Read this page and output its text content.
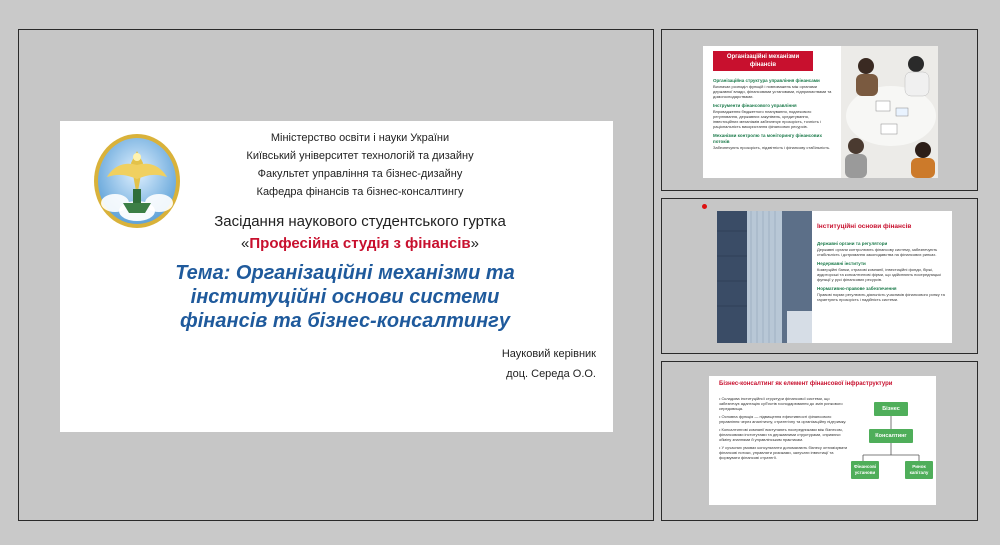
Міністерство освіти і науки України
Київський університет технологій та дизайну
Факультет управління та бізнес-дизайну
Кафедра фінансів та бізнес-консалтингу
Засідання наукового студентського гуртка
«Професійна студія з фінансів»
Тема: Організаційні механізми та
інституційні основи системи
фінансів та бізнес-консалтингу
Науковий керівник
доц. Середа О.О.
Організаційні механізми фінансів
Організаційна структура управління фінансами
Визначає розподіл функцій і повноважень між органами державної влади, фінансовими установами, підприємствами та домогосподарствами.
Інструменти фінансового управління
Впровадження бюджетного планування, податкового регулювання, державних закупівель, кредитування, інвестиційних механізмів забезпечує прозорість, точність і раціональність використання фінансових ресурсів.
Механізми контролю та моніторингу фінансових потоків
Забезпечують прозорість, підзвітність і фінансову стабільність.
Інституційні основи фінансів
Державні органи та регулятори
Державні органи контролюють фінансову систему, забезпечують стабільність і дотримання законодавства на фінансових ринках.
Недержавні інститути
Комерційні банки, страхові компанії, інвестиційні фонди, біржі, аудиторські та консалтингові фірми, що здійснюють посередницькі функції у русі фінансових ресурсів.
Нормативно-правове забезпечення
Правові норми регулюють діяльність учасників фінансового ринку та гарантують прозорість і надійність системи.
Бізнес-консалтинг як елемент фінансової інфраструктури
• Складова інституційної структури фінансової системи, що забезпечує адаптацію суб'єктів господарювання до змін ринкового середовища.
• Основна функція — підвищення ефективності фінансового управління через аналітичну, стратегічну та організаційну підтримку.
• Консалтингові компанії виступають посередниками між бізнесом, фінансовими інститутами та державними структурами, сприяючи обміну знаннями й управлінським практикам.
• У сучасних умовах консультанти допомагають бізнесу оптимізувати фінансові потоки, управляти ризиками, залучати інвестиції та формувати фінансові стратегії.
Бізнес
Консалтинг
Фінансові установи
Ринок капіталу
